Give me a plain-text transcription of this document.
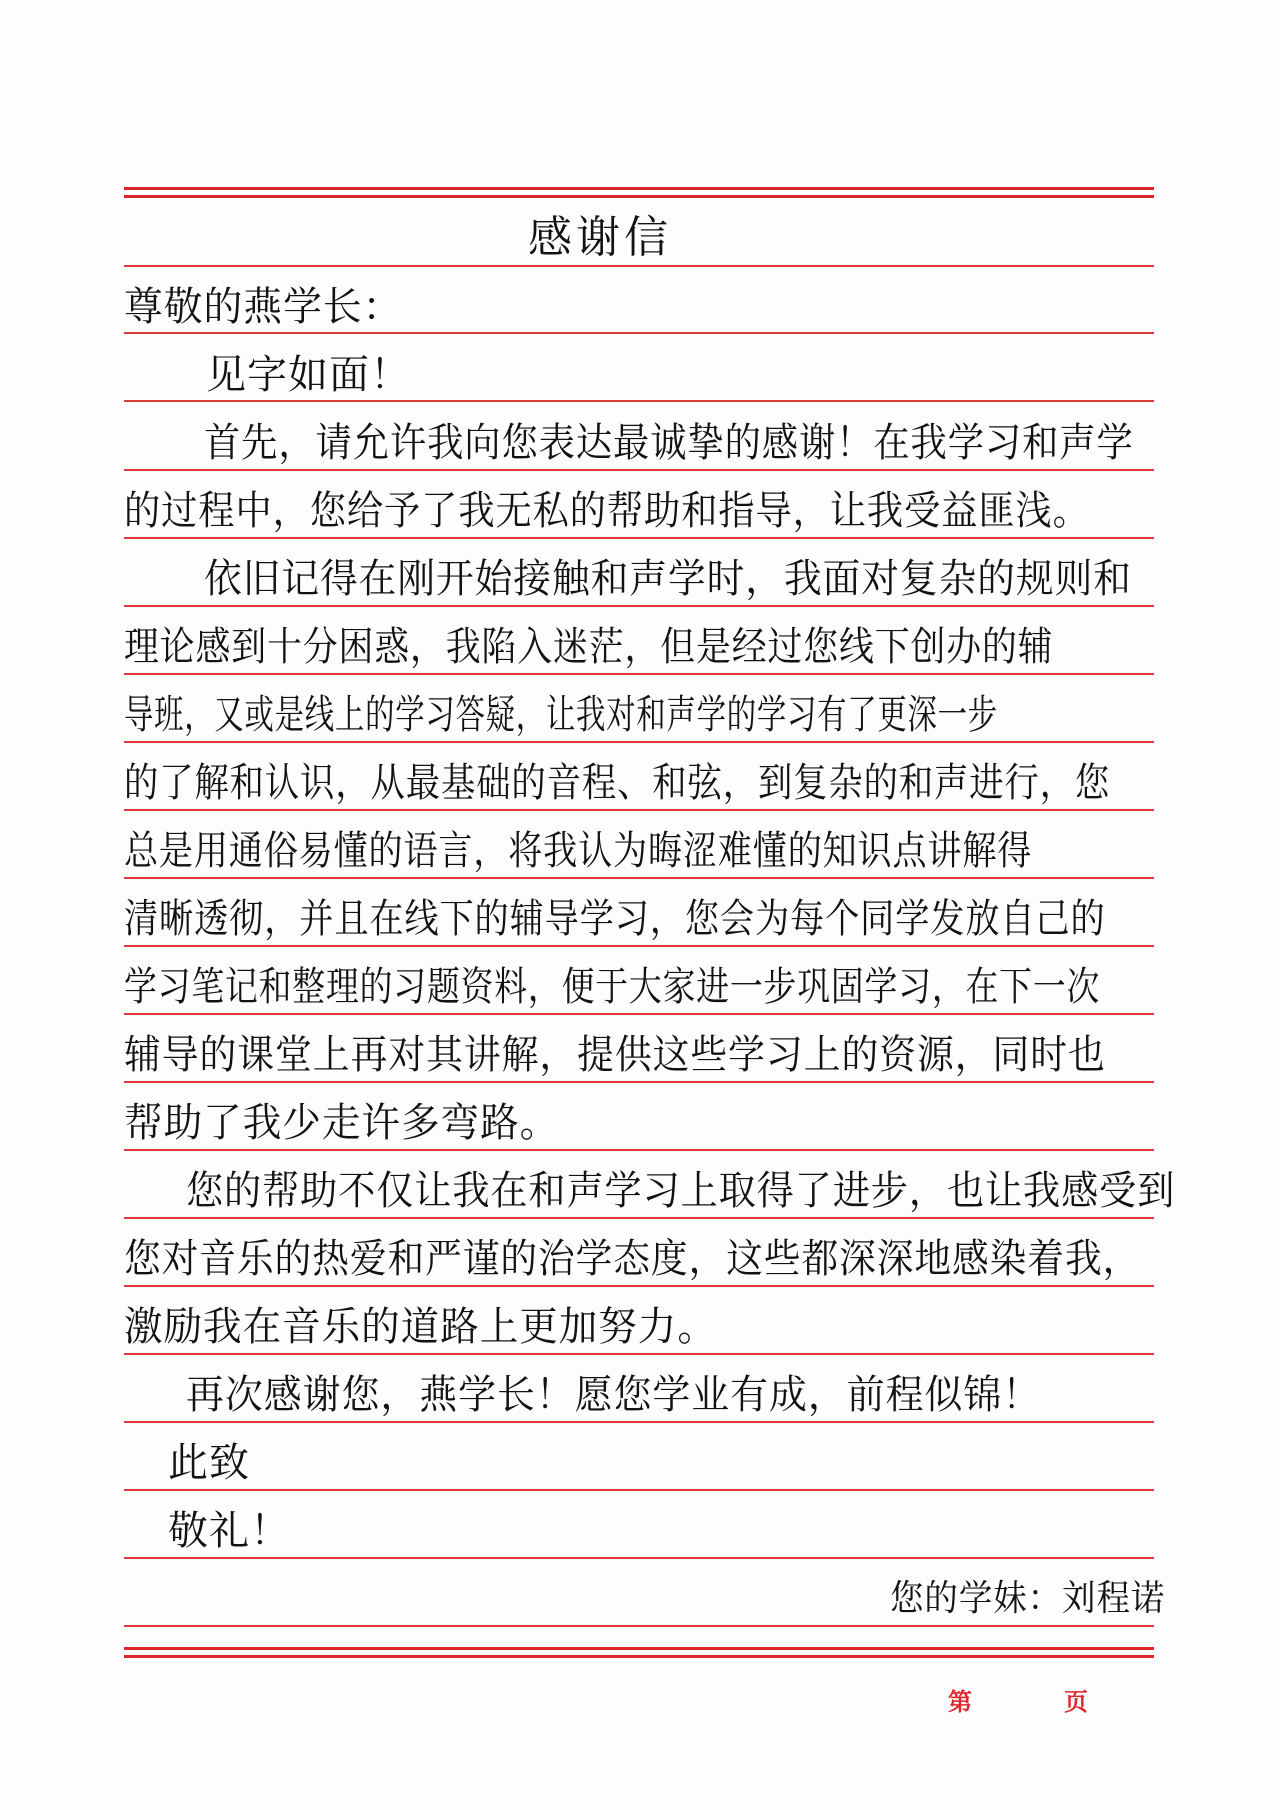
感谢信
尊敬的燕学长：
见字如面！
首先，请允许我向您表达最诚挚的感谢！在我学习和声学
的过程中，您给予了我无私的帮助和指导，让我受益匪浅。
依旧记得在刚开始接触和声学时，我面对复杂的规则和
理论感到十分困惑，我陷入迷茫，但是经过您线下创办的辅
导班，又或是线上的学习答疑，让我对和声学的学习有了更深一步
的了解和认识，从最基础的音程、和弦，到复杂的和声进行，您
总是用通俗易懂的语言，将我认为晦涩难懂的知识点讲解得
清晰透彻，并且在线下的辅导学习，您会为每个同学发放自己的
学习笔记和整理的习题资料，便于大家进一步巩固学习，在下一次
辅导的课堂上再对其讲解，提供这些学习上的资源，同时也
帮助了我少走许多弯路。
您的帮助不仅让我在和声学习上取得了进步，也让我感受到
您对音乐的热爱和严谨的治学态度，这些都深深地感染着我，
激励我在音乐的道路上更加努力。
再次感谢您，燕学长！愿您学业有成，前程似锦！
此致
敬礼！
您的学妹：刘程诺
第	页
